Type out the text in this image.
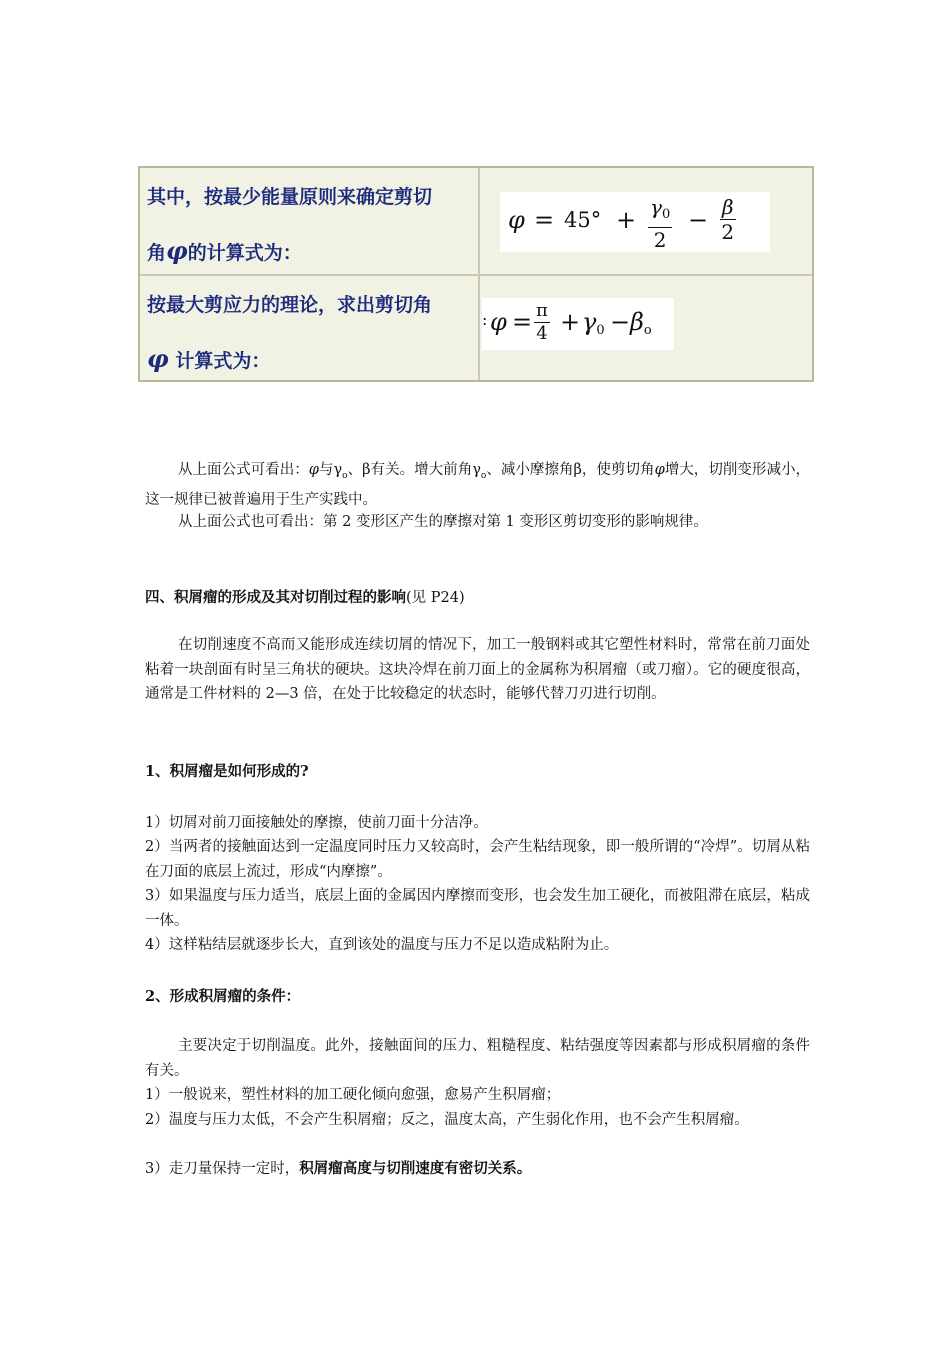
其中，按最少能量原则来确定剪切
角φ的计算式为：
$\varphi = 45^\circ + \frac{\gamma_0}{2} - \frac{\beta}{2}$
按最大剪应力的理论，求出剪切角
φ 计算式为：
: $\varphi = \frac{\pi}{4} + \gamma_0 - \beta_o$

从上面公式可看出：φ与$\gamma_o$、β有关。增大前角$\gamma_o$、减小摩擦角β，使剪切角φ增大，切削变形减小，这一规律已被普遍用于生产实践中。

从上面公式也可看出：第 2 变形区产生的摩擦对第 1 变形区剪切变形的影响规律。

四、积屑瘤的形成及其对切削过程的影响(见 P24)

在切削速度不高而又能形成连续切屑的情况下，加工一般钢料或其它塑性材料时，常常在前刀面处粘着一块剖面有时呈三角状的硬块。这块冷焊在前刀面上的金属称为积屑瘤（或刀瘤）。它的硬度很高，通常是工件材料的 2—3 倍，在处于比较稳定的状态时，能够代替刀刃进行切削。

1、积屑瘤是如何形成的?

1）切屑对前刀面接触处的摩擦，使前刀面十分洁净。

2）当两者的接触面达到一定温度同时压力又较高时，会产生粘结现象，即一般所谓的“冷焊”。切屑从粘在刀面的底层上流过，形成“内摩擦”。

3）如果温度与压力适当，底层上面的金属因内摩擦而变形，也会发生加工硬化，而被阻滞在底层，粘成一体。

4）这样粘结层就逐步长大，直到该处的温度与压力不足以造成粘附为止。

2、形成积屑瘤的条件：

主要决定于切削温度。此外，接触面间的压力、粗糙程度、粘结强度等因素都与形成积屑瘤的条件有关。

1）一般说来，塑性材料的加工硬化倾向愈强，愈易产生积屑瘤；

2）温度与压力太低，不会产生积屑瘤；反之，温度太高，产生弱化作用，也不会产生积屑瘤。

3）走刀量保持一定时，积屑瘤高度与切削速度有密切关系。
